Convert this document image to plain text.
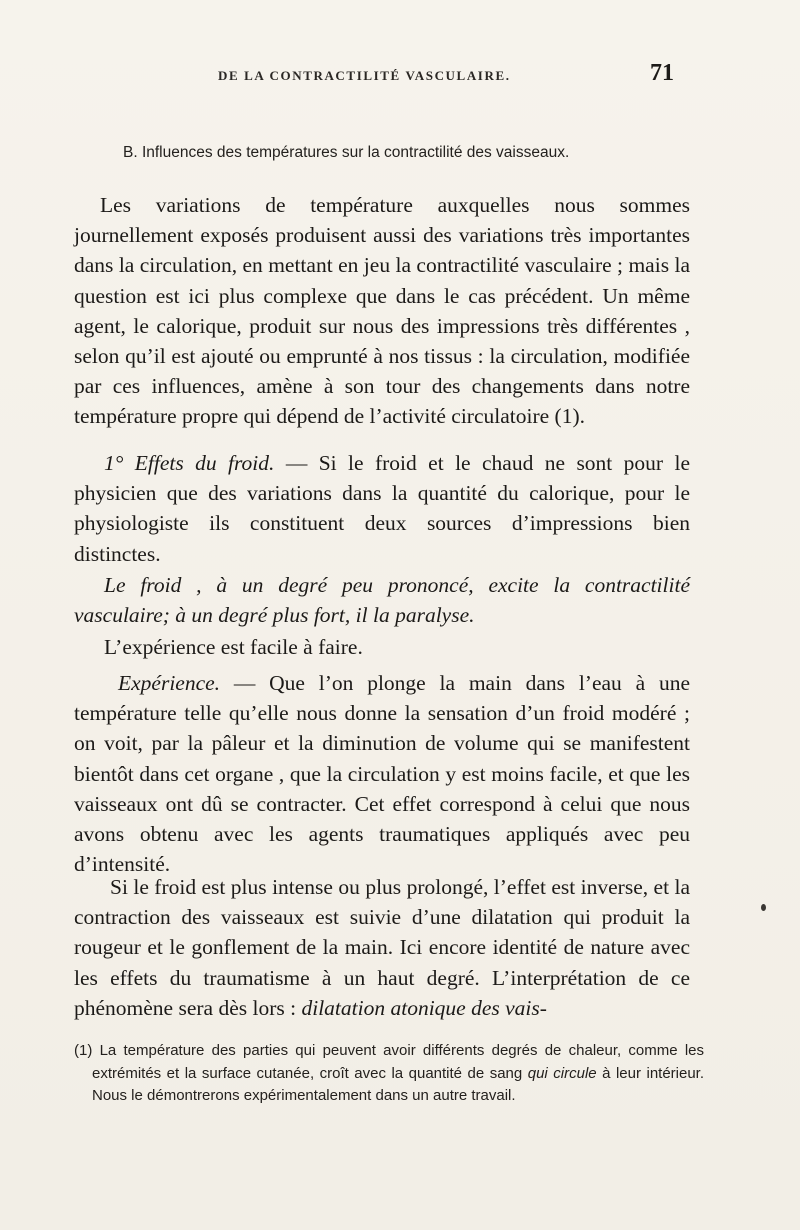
DE LA CONTRACTILITÉ VASCULAIRE.	71
B. Influences des températures sur la contractilité des vaisseaux.

Les variations de température auxquelles nous sommes journellement exposés produisent aussi des variations très importantes dans la circulation, en mettant en jeu la contractilité vasculaire ; mais la question est ici plus complexe que dans le cas précédent. Un même agent, le calorique, produit sur nous des impressions très différentes , selon qu’il est ajouté ou emprunté à nos tissus : la circulation, modifiée par ces influences, amène à son tour des changements dans notre température propre qui dépend de l’activité circulatoire (1).

1° Effets du froid. — Si le froid et le chaud ne sont pour le physicien que des variations dans la quantité du calorique, pour le physiologiste ils constituent deux sources d’impressions bien distinctes.

Le froid , à un degré peu prononcé, excite la contractilité vasculaire; à un degré plus fort, il la paralyse.

L’expérience est facile à faire.

Expérience. — Que l’on plonge la main dans l’eau à une température telle qu’elle nous donne la sensation d’un froid modéré ; on voit, par la pâleur et la diminution de volume qui se manifestent bientôt dans cet organe , que la circulation y est moins facile, et que les vaisseaux ont dû se contracter. Cet effet correspond à celui que nous avons obtenu avec les agents traumatiques appliqués avec peu d’intensité.

Si le froid est plus intense ou plus prolongé, l’effet est inverse, et la contraction des vaisseaux est suivie d’une dilatation qui produit la rougeur et le gonflement de la main. Ici encore identité de nature avec les effets du traumatisme à un haut degré. L’interprétation de ce phénomène sera dès lors : dilatation atonique des vais-

(1) La température des parties qui peuvent avoir différents degrés de chaleur, comme les extrémités et la surface cutanée, croît avec la quantité de sang qui circule à leur intérieur. Nous le démontrerons expérimentalement dans un autre travail.
